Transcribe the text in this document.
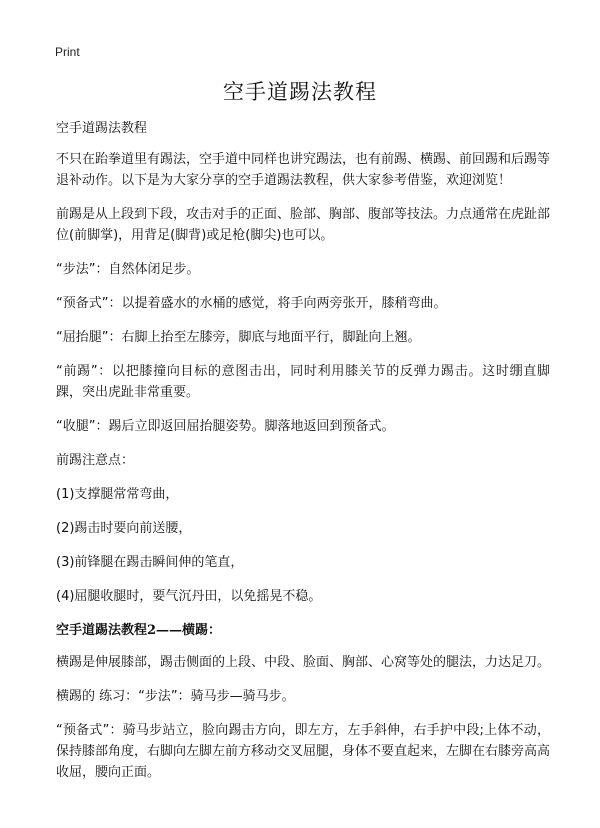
Print
空手道踢法教程

空手道踢法教程

不只在跆拳道里有踢法，空手道中同样也讲究踢法，也有前踢、横踢、前回踢和后踢等退补动作。以下是为大家分享的空手道踢法教程，供大家参考借鉴，欢迎浏览！

前踢是从上段到下段，攻击对手的正面、脸部、胸部、腹部等技法。力点通常在虎趾部位(前脚掌)，用背足(脚背)或足枪(脚尖)也可以。

“步法”：自然体闭足步。

“预备式”：以提着盛水的水桶的感觉，将手向两旁张开，膝稍弯曲。

“屈抬腿”：右脚上抬至左膝旁，脚底与地面平行，脚趾向上翘。

“前踢”：以把膝撞向目标的意图击出，同时利用膝关节的反弹力踢击。这时绷直脚踝，突出虎趾非常重要。

“收腿”：踢后立即返回屈抬腿姿势。脚落地返回到预备式。

前踢注意点：

(1)支撑腿常常弯曲，

(2)踢击时要向前送腰，

(3)前锋腿在踢击瞬间伸的笔直，

(4)屈腿收腿时，要气沉丹田，以免摇晃不稳。

空手道踢法教程2——横踢：

横踢是伸展膝部，踢击侧面的上段、中段、脸面、胸部、心窝等处的腿法，力达足刀。

横踢的 练习：“步法”：骑马步—骑马步。

“预备式”：骑马步站立，脸向踢击方向，即左方，左手斜伸，右手护中段;上体不动，保持膝部角度，右脚向左脚左前方移动交叉屈腿，身体不要直起来，左脚在右膝旁高高收屈，腰向正面。
